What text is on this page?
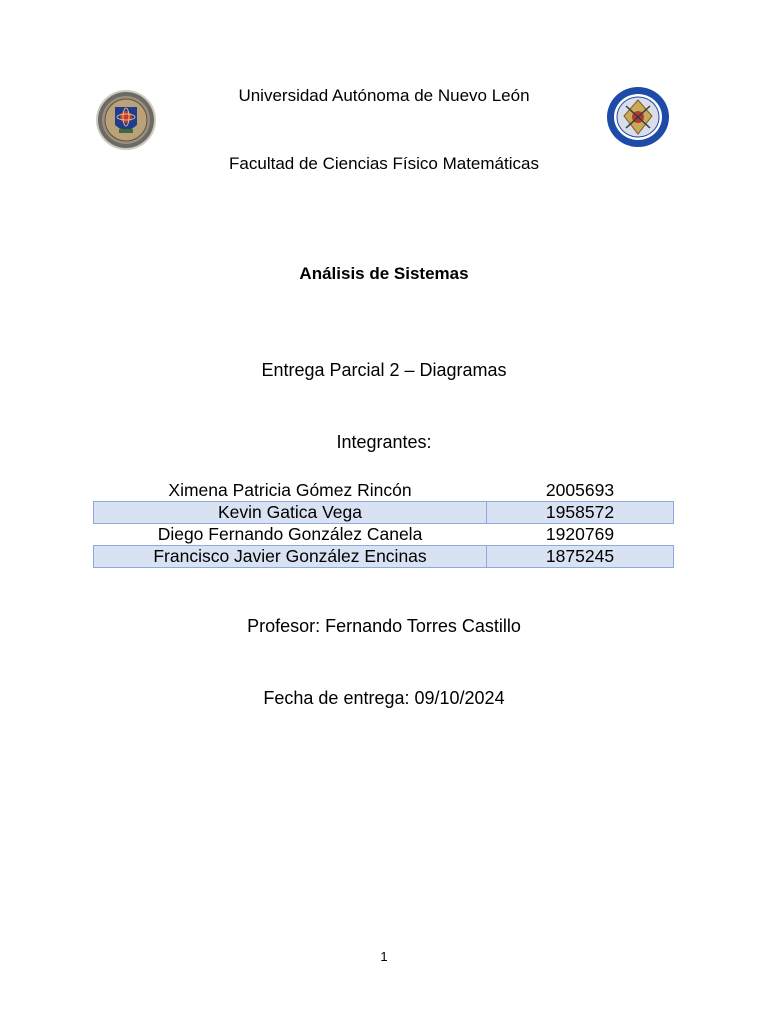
Universidad Autónoma de Nuevo León
Facultad de Ciencias Físico Matemáticas
Análisis de Sistemas
Entrega Parcial 2 – Diagramas
Integrantes:
Ximena Patricia Gómez Rincón	2005693
Kevin Gatica Vega	1958572
Diego Fernando González Canela	1920769
Francisco Javier González Encinas	1875245
Profesor: Fernando Torres Castillo
Fecha de entrega: 09/10/2024
1
